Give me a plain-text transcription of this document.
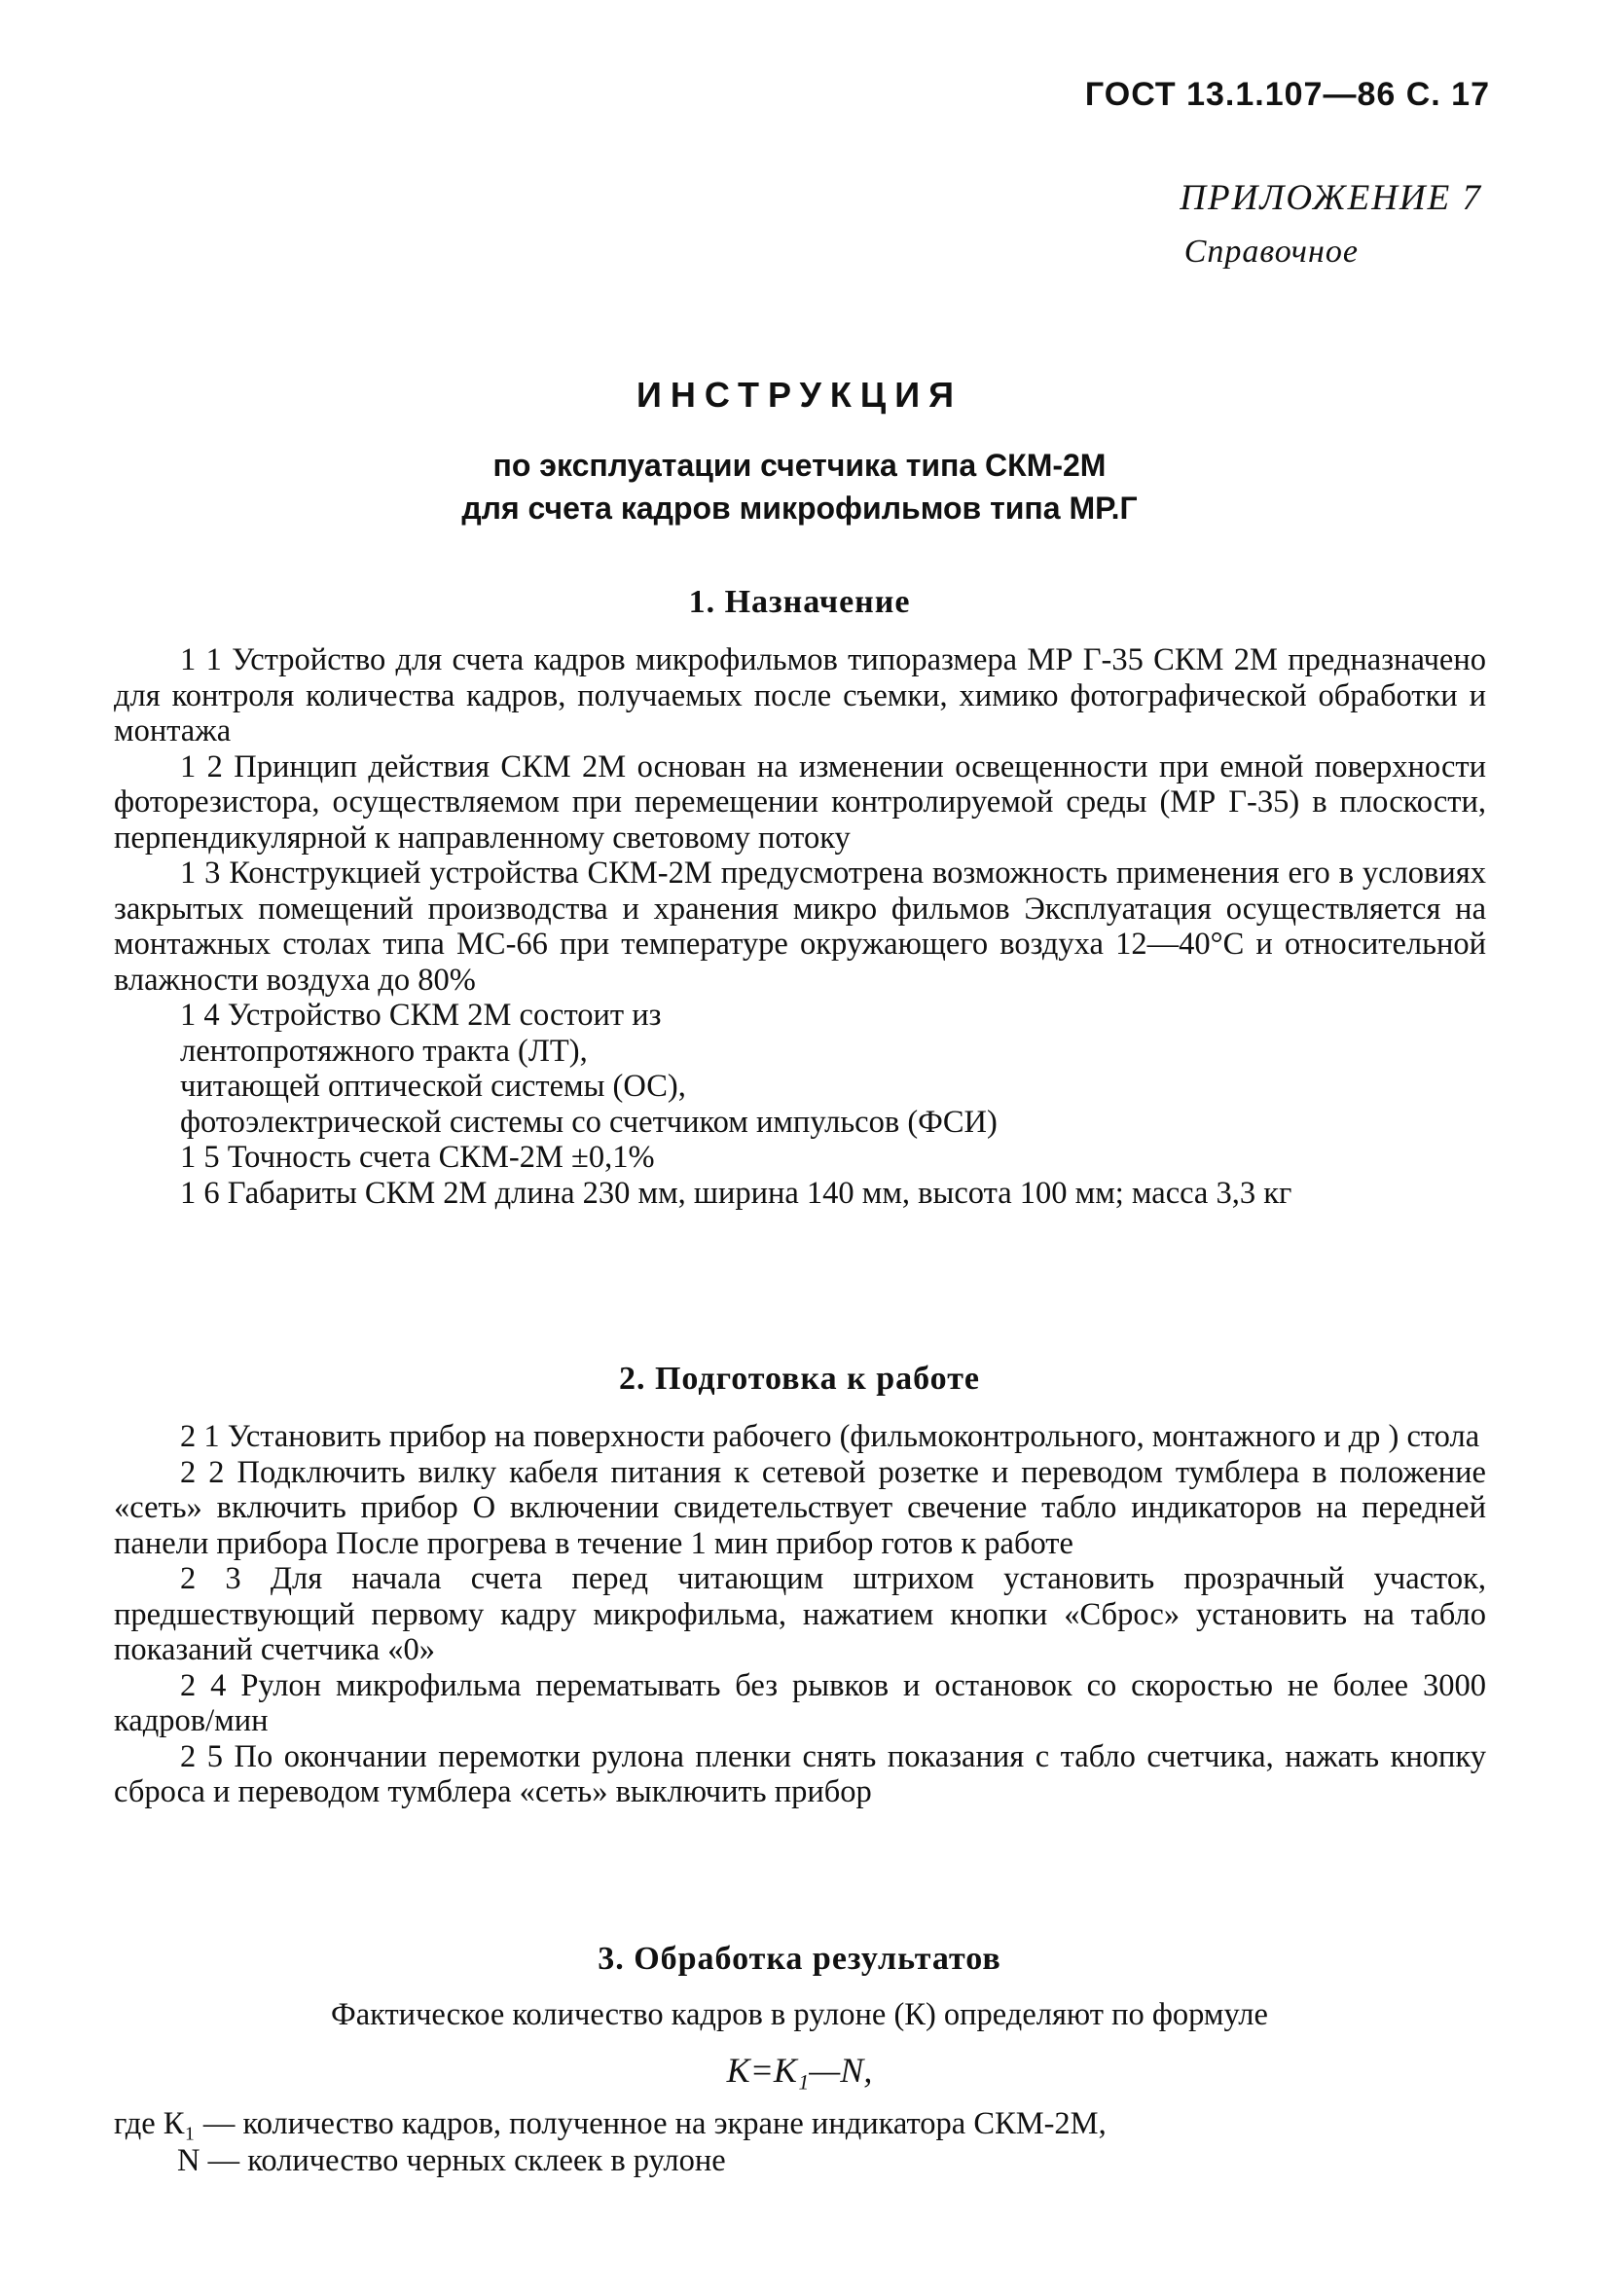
ГОСТ 13.1.107—86 С. 17
ПРИЛОЖЕНИЕ 7
Справочное
ИНСТРУКЦИЯ
по эксплуатации счетчика типа СКМ-2М
для счета кадров микрофильмов типа МР.Г
1. Назначение

1 1 Устройство для счета кадров микрофильмов типоразмера МР Г-35 СКМ 2М предназначено для контроля количества кадров, получаемых после съемки, химико фотографической обработки и монтажа

1 2 Принцип действия СКМ 2М основан на изменении освещенности при емной поверхности фоторезистора, осуществляемом при перемещении контролируемой среды (МР Г-35) в плоскости, перпендикулярной к направленному световому потоку

1 3 Конструкцией устройства СКМ-2М предусмотрена возможность применения его в условиях закрытых помещений производства и хранения микро фильмов Эксплуатация осуществляется на монтажных столах типа МС-66 при температуре окружающего воздуха 12—40°С и относительной влажности воздуха до 80%

1 4 Устройство СКМ 2М состоит из

лентопротяжного тракта (ЛТ),

читающей оптической системы (ОС),

фотоэлектрической системы со счетчиком импульсов (ФСИ)

1 5 Точность счета СКМ-2М ±0,1%

1 6 Габариты СКМ 2М длина 230 мм, ширина 140 мм, высота 100 мм; масса 3,3 кг

2. Подготовка к работе

2 1 Установить прибор на поверхности рабочего (фильмоконтрольного, монтажного и др ) стола

2 2 Подключить вилку кабеля питания к сетевой розетке и переводом тумблера в положение «сеть» включить прибор О включении свидетельствует свечение табло индикаторов на передней панели прибора После прогрева в течение 1 мин прибор готов к работе

2 3 Для начала счета перед читающим штрихом установить прозрачный участок, предшествующий первому кадру микрофильма, нажатием кнопки «Сброс» установить на табло показаний счетчика «0»

2 4 Рулон микрофильма перематывать без рывков и остановок со скоростью не более 3000 кадров/мин

2 5 По окончании перемотки рулона пленки снять показания с табло счетчика, нажать кнопку сброса и переводом тумблера «сеть» выключить прибор

3. Обработка результатов
Фактическое количество кадров в рулоне (К) определяют по формуле
К=К₁—N,
где К₁ — количество кадров, полученное на экране индикатора СКМ-2М,
N — количество черных склеек в рулоне
